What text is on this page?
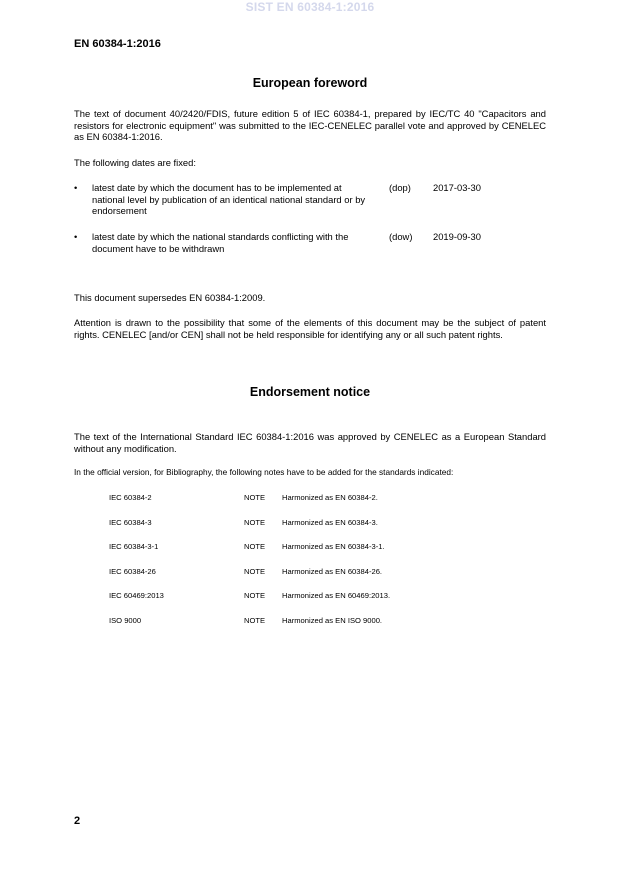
SIST EN 60384-1:2016
EN 60384-1:2016
European foreword
The text of document 40/2420/FDIS, future edition 5 of IEC 60384-1, prepared by IEC/TC 40 "Capacitors and resistors for electronic equipment" was submitted to the IEC-CENELEC parallel vote and approved by CENELEC as EN 60384-1:2016.
The following dates are fixed:
• latest date by which the document has to be implemented at national level by publication of an identical national standard or by endorsement
(dop) 2017-03-30
• latest date by which the national standards conflicting with the document have to be withdrawn
(dow) 2019-09-30
This document supersedes EN 60384-1:2009.
Attention is drawn to the possibility that some of the elements of this document may be the subject of patent rights. CENELEC [and/or CEN] shall not be held responsible for identifying any or all such patent rights.
Endorsement notice
The text of the International Standard IEC 60384-1:2016 was approved by CENELEC as a European Standard without any modification.
In the official version, for Bibliography, the following notes have to be added for the standards indicated:
IEC 60384-2	NOTE Harmonized as EN 60384-2.
IEC 60384-3	NOTE Harmonized as EN 60384-3.
IEC 60384-3-1	NOTE Harmonized as EN 60384-3-1.
IEC 60384-26	NOTE Harmonized as EN 60384-26.
IEC 60469:2013	NOTE Harmonized as EN 60469:2013.
ISO 9000	NOTE Harmonized as EN ISO 9000.
2
